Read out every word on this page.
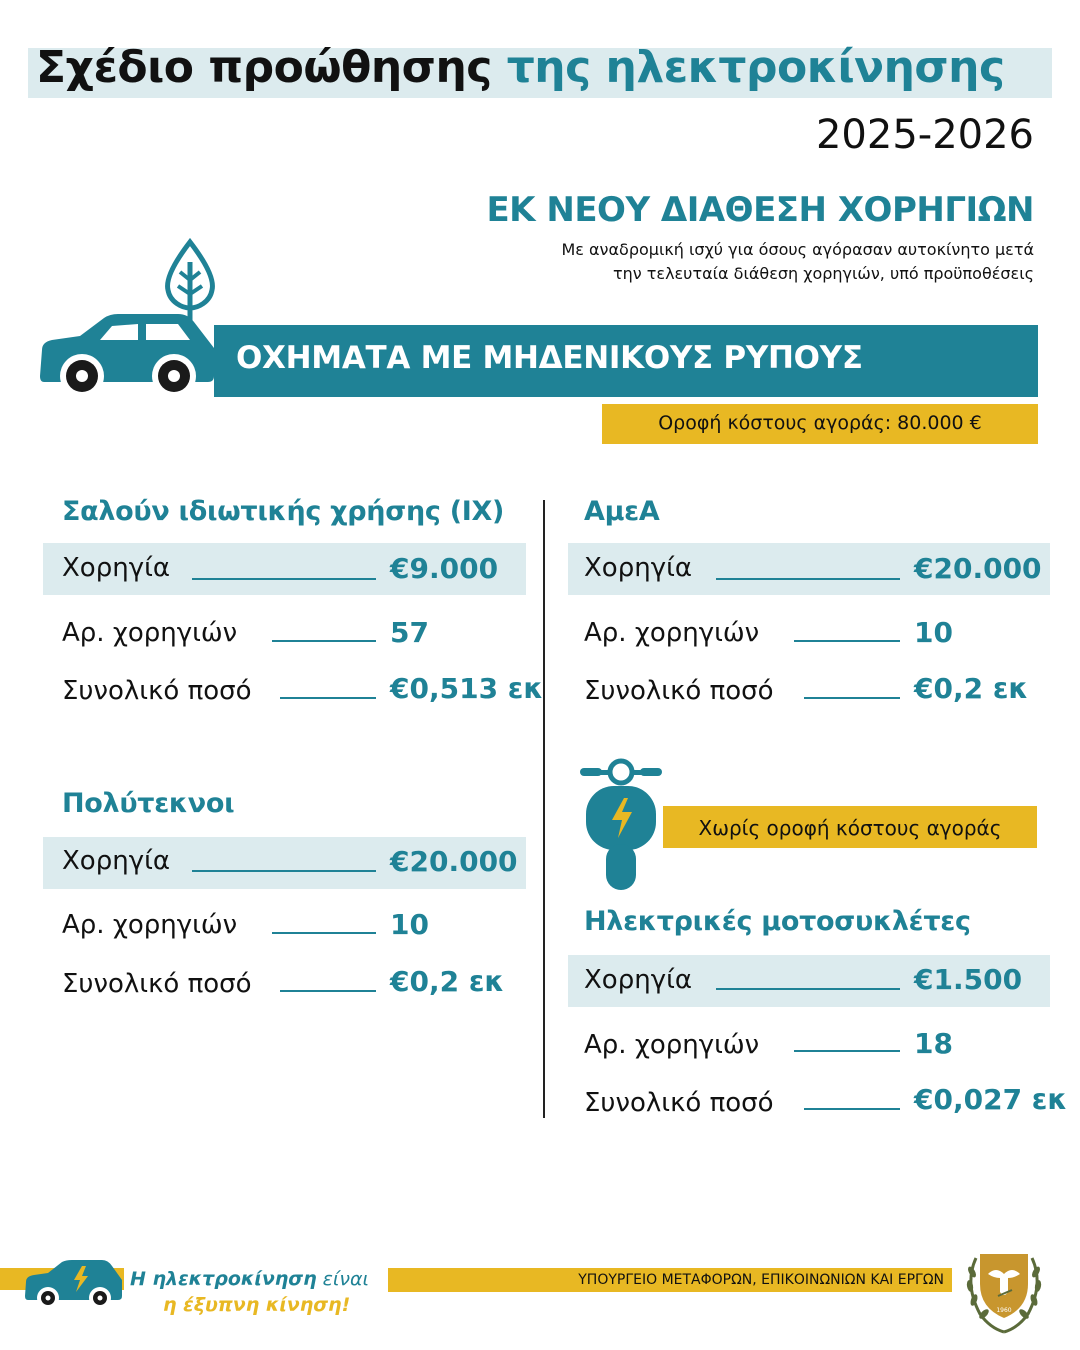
Σχέδιο προώθησης της ηλεκτροκίνησης
2025-2026
ΕΚ ΝΕΟΥ ΔΙΑΘΕΣΗ ΧΟΡΗΓΙΩΝ
Με αναδρομική ισχύ για όσους αγόρασαν αυτοκίνητο μετά
την τελευταία διάθεση χορηγιών, υπό προϋποθέσεις
ΟΧΗΜΑΤΑ ΜΕ ΜΗΔΕΝΙΚΟΥΣ ΡΥΠΟΥΣ
Οροφή κόστους αγοράς: 80.000 €
Σαλούν ιδιωτικής χρήσης (ΙΧ)
Χορηγία	€9.000
Αρ. χορηγιών	57
Συνολικό ποσό	€0,513 εκ
Πολύτεκνοι
Χορηγία	€20.000
Αρ. χορηγιών	10
Συνολικό ποσό	€0,2 εκ
ΑμεΑ
Χορηγία	€20.000
Αρ. χορηγιών	10
Συνολικό ποσό	€0,2 εκ
Χωρίς οροφή κόστους αγοράς
Ηλεκτρικές μοτοσυκλέτες
Χορηγία	€1.500
Αρ. χορηγιών	18
Συνολικό ποσό	€0,027 εκ
Η ηλεκτροκίνηση είναι
η έξυπνη κίνηση!
ΥΠΟΥΡΓΕΙΟ ΜΕΤΑΦΟΡΩΝ, ΕΠΙΚΟΙΝΩΝΙΩΝ ΚΑΙ ΕΡΓΩΝ
1960
